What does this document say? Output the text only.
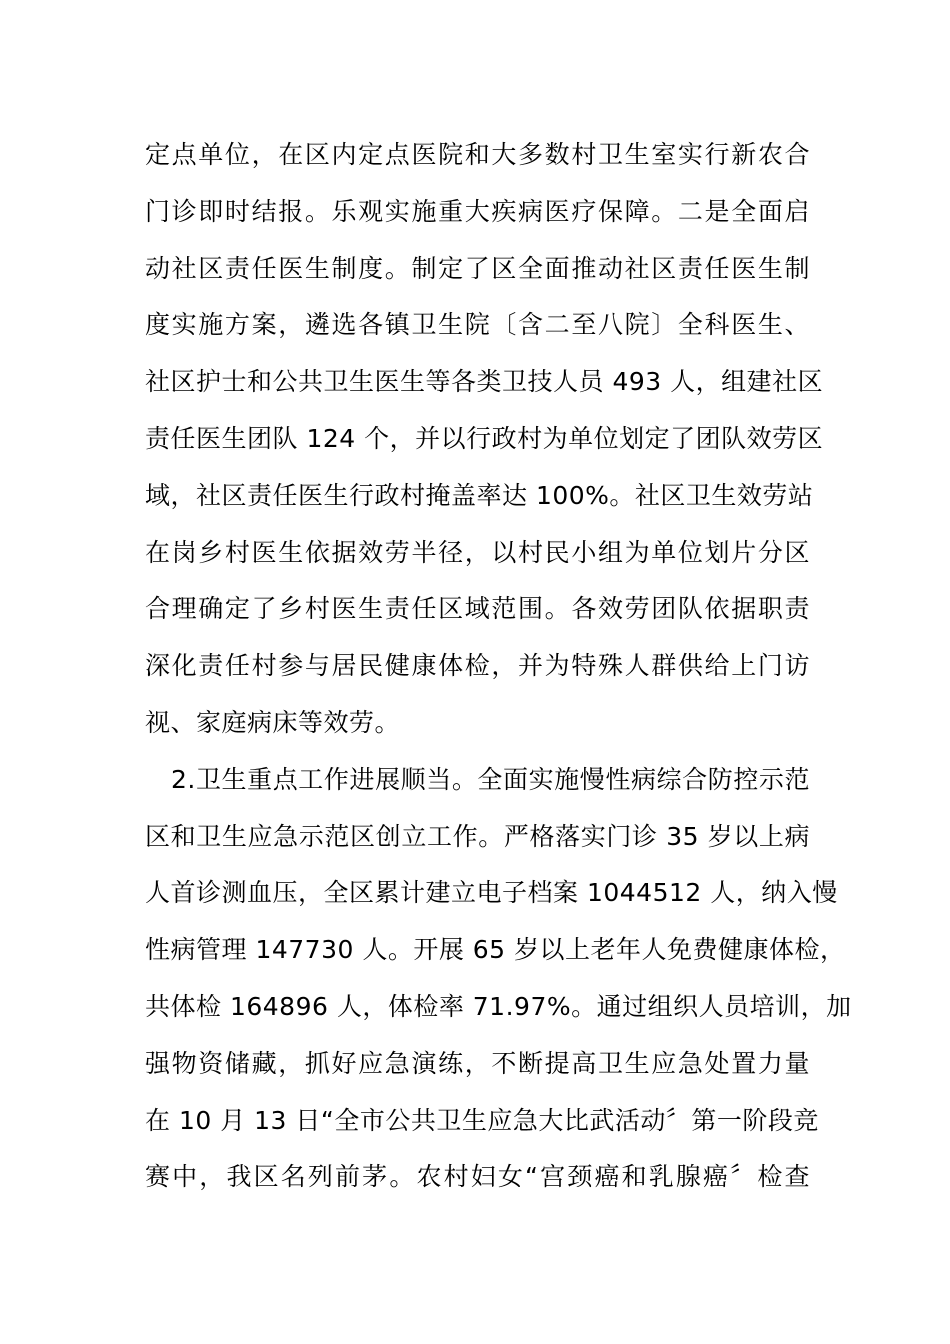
定点单位，在区内定点医院和大多数村卫生室实行新农合
门诊即时结报。乐观实施重大疾病医疗保障。二是全面启
动社区责任医生制度。制定了区全面推动社区责任医生制
度实施方案，遴选各镇卫生院〔含二至八院〕全科医生、
社区护士和公共卫生医生等各类卫技人员 493 人，组建社区
责任医生团队 124 个，并以行政村为单位划定了团队效劳区
域，社区责任医生行政村掩盖率达 100%。社区卫生效劳站
在岗乡村医生依据效劳半径，以村民小组为单位划片分区
合理确定了乡村医生责任区域范围。各效劳团队依据职责
深化责任村参与居民健康体检，并为特殊人群供给上门访
视、家庭病床等效劳。
2.卫生重点工作进展顺当。全面实施慢性病综合防控示范
区和卫生应急示范区创立工作。严格落实门诊 35 岁以上病
人首诊测血压，全区累计建立电子档案 1044512 人，纳入慢
性病管理 147730 人。开展 65 岁以上老年人免费健康体检，
共体检 164896 人，体检率 71.97%。通过组织人员培训，加
强物资储藏，抓好应急演练，不断提高卫生应急处置力量
在 10 月 13 日“全市公共卫生应急大比武活动〞第一阶段竞
赛中，我区名列前茅。农村妇女“宫颈癌和乳腺癌〞检查
